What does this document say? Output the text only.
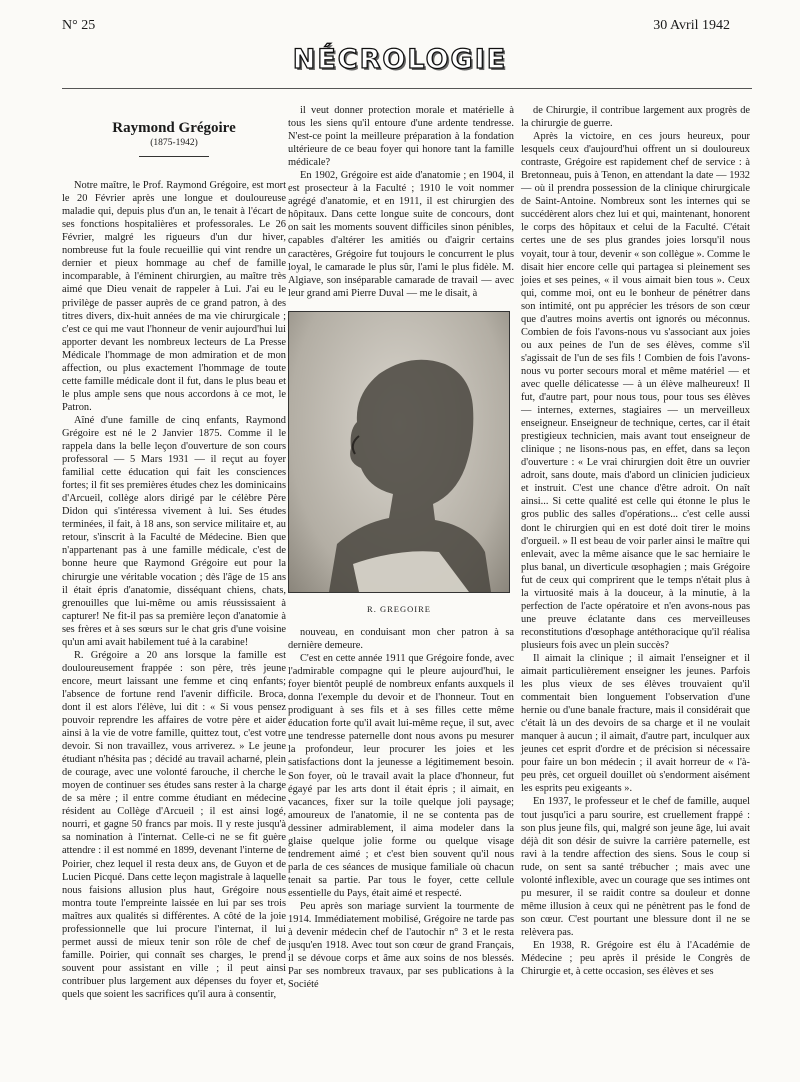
N° 25	30 Avril 1942
NÉCROLOGIE
Raymond Grégoire
(1875-1942)

Notre maître, le Prof. Raymond Grégoire, est mort le 20 Février après une longue et douloureuse maladie qui, depuis plus d'un an, le tenait à l'écart de ses fonctions hospitalières et professorales. Le 26 Février, malgré les rigueurs d'un dur hiver, nombreuse fut la foule recueillie qui vint rendre un dernier et pieux hommage au chef de famille incomparable, à l'éminent chirurgien, au maître très aimé que Dieu venait de rappeler à Lui. J'ai eu le privilège de passer auprès de ce grand patron, à des titres divers, dix-huit années de ma vie chirurgicale ; c'est ce qui me vaut l'honneur de venir aujourd'hui lui apporter devant les nombreux lecteurs de La Presse Médicale l'hommage de mon admiration et de mon affection, ou plus exactement l'hommage de toute cette famille médicale dont il fut, dans le plus beau et le plus ample sens que nous accordons à ce mot, le Patron.

Aîné d'une famille de cinq enfants, Raymond Grégoire est né le 2 Janvier 1875. Comme il le rappela dans la belle leçon d'ouverture de son cours professoral — 5 Mars 1931 — il reçut au foyer familial cette éducation qui fait les consciences fortes; il fit ses premières études chez les dominicains d'Arcueil, collège alors dirigé par le célèbre Père Didon qui s'intéressa vivement à lui. Ses études terminées, il fait, à 18 ans, son service militaire et, au retour, s'inscrit à la Faculté de Médecine. Bien que n'appartenant pas à une famille médicale, c'est de bonne heure que Raymond Grégoire eut pour la chirurgie une véritable vocation ; dès l'âge de 15 ans il était épris d'anatomie, disséquant chiens, chats, grenouilles que lui-même ou amis réussissaient à capturer! Ne fit-il pas sa première leçon d'anatomie à ses frères et à ses sœurs sur le chat gris d'une voisine qu'un ami avait habilement tué à la carabine!

R. Grégoire a 20 ans lorsque la famille est douloureusement frappée : son père, très jeune encore, meurt laissant une femme et cinq enfants; l'absence de fortune rend l'avenir difficile. Broca, dont il est alors l'élève, lui dit : « Si vous pensez pouvoir reprendre les affaires de votre père et aider ainsi à la vie de votre famille, quittez tout, c'est votre devoir. Si non travaillez, vous arriverez. » Le jeune étudiant n'hésita pas ; décidé au travail acharné, plein de courage, avec une volonté farouche, il cherche le moyen de continuer ses études sans rester à la charge de sa mère ; il entre comme étudiant en médecine résident au Collège d'Arcueil ; il est ainsi logé, nourri, et gagne 50 francs par mois. Il y reste jusqu'à sa nomination à l'internat. Celle-ci ne se fit guère attendre : il est nommé en 1899, devenant l'interne de Poirier, chez lequel il resta deux ans, de Guyon et de Lucien Picqué. Dans cette leçon magistrale à laquelle nous faisions allusion plus haut, Grégoire nous montra toute l'empreinte laissée en lui par ses trois maîtres aux qualités si différentes. A côté de la joie professionnelle que lui procure l'internat, il lui permet aussi de mieux tenir son rôle de chef de famille. Poirier, qui connaît ses charges, le prend souvent pour assistant en ville ; il peut ainsi contribuer plus largement aux dépenses du foyer et, quels que soient les sacrifices qu'il aura à consentir,

il veut donner protection morale et matérielle à tous les siens qu'il entoure d'une ardente tendresse. N'est-ce point la meilleure préparation à la fondation ultérieure de ce beau foyer qui honore tant la famille médicale?

En 1902, Grégoire est aide d'anatomie ; en 1904, il est prosecteur à la Faculté ; 1910 le voit nommer agrégé d'anatomie, et en 1911, il est chirurgien des hôpitaux. Dans cette longue suite de concours, dont on sait les moments souvent difficiles sinon pénibles, capables d'altérer les amitiés ou d'aigrir certains caractères, Grégoire fut toujours le concurrent le plus loyal, le camarade le plus sûr, l'ami le plus fidèle. M. Algiave, son inséparable camarade de travail — avec leur grand ami Pierre Duval — me le disait, à

R. GREGOIRE

nouveau, en conduisant mon cher patron à sa dernière demeure.

C'est en cette année 1911 que Grégoire fonde, avec l'admirable compagne qui le pleure aujourd'hui, le foyer bientôt peuplé de nombreux enfants auxquels il donna l'exemple du devoir et de l'honneur. Tout en prodiguant à ses fils et à ses filles cette même éducation forte qu'il avait lui-même reçue, il sut, avec une tendresse paternelle dont nous avons pu mesurer la profondeur, leur procurer les joies et les satisfactions dont la jeunesse a légitimement besoin. Son foyer, où le travail avait la place d'honneur, fut égayé par les arts dont il était épris ; il aimait, en vacances, fixer sur la toile quelque joli paysage; amoureux de l'anatomie, il ne se contenta pas de dessiner admirablement, il aima modeler dans la glaise quelque jolie forme ou quelque visage tendrement aimé ; et c'est bien souvent qu'il nous parla de ces séances de musique familiale où chacun tenait sa partie. Par tous le foyer, cette cellule essentielle du Pays, était aimé et respecté.

Peu après son mariage survient la tourmente de 1914. Immédiatement mobilisé, Grégoire ne tarde pas à devenir médecin chef de l'autochir n° 3 et le resta jusqu'en 1918. Avec tout son cœur de grand Français, il se dévoue corps et âme aux soins de nos blessés. Par ses nombreux travaux, par ses publications à la Société

de Chirurgie, il contribue largement aux progrès de la chirurgie de guerre.

Après la victoire, en ces jours heureux, pour lesquels ceux d'aujourd'hui offrent un si douloureux contraste, Grégoire est rapidement chef de service : à Bretonneau, puis à Tenon, en attendant la date — 1932 — où il prendra possession de la clinique chirurgicale de Saint-Antoine. Nombreux sont les internes qui se succédèrent alors chez lui et qui, maintenant, honorent le corps des hôpitaux et celui de la Faculté. C'était certes une de ses plus grandes joies lorsqu'il nous voyait, tour à tour, devenir « son collègue ». Comme le disait hier encore celle qui partagea si pleinement ses joies et ses peines, « il vous aimait bien tous ». Ceux qui, comme moi, ont eu le bonheur de pénétrer dans son intimité, ont pu apprécier les trésors de son cœur que d'autres moins avertis ont ignorés ou méconnus. Combien de fois l'avons-nous vu s'associant aux joies ou aux peines de l'un de ses élèves, comme s'il s'agissait de l'un de ses fils ! Combien de fois l'avons-nous vu porter secours moral et même matériel — et avec quelle délicatesse — à un élève malheureux! Il fut, d'autre part, pour nous tous, pour tous ses élèves — internes, externes, stagiaires — un merveilleux enseigneur. Enseigneur de technique, certes, car il était prestigieux technicien, mais avant tout enseigneur de clinique ; ne lisons-nous pas, en effet, dans sa leçon d'ouverture : « Le vrai chirurgien doit être un ouvrier adroit, sans doute, mais d'abord un clinicien judicieux et instruit. C'est une chance d'être adroit. On naît ainsi... Si cette qualité est celle qui étonne le plus le gros public des salles d'opérations... c'est celle aussi dont le chirurgien qui en est doté doit tirer le moins d'orgueil. » Il est beau de voir parler ainsi le maître qui enlevait, avec la même aisance que le sac herniaire le plus banal, un diverticule œsophagien ; mais Grégoire fut de ceux qui comprirent que le temps n'était plus à la virtuosité mais à la douceur, à la minutie, à la perfection de l'acte opératoire et n'en avons-nous pas une preuve éclatante dans ces merveilleuses reconstitutions d'œsophage antéthoracique qu'il réalisa plusieurs fois avec un plein succès?

Il aimait la clinique ; il aimait l'enseigner et il aimait particulièrement enseigner les jeunes. Parfois les plus vieux de ses élèves trouvaient qu'il commentait bien longuement l'observation d'une hernie ou d'une banale fracture, mais il considérait que c'était là un des devoirs de sa charge et il ne voulait manquer à aucun ; il aimait, d'autre part, inculquer aux jeunes cet esprit d'ordre et de précision si nécessaire pour faire un bon médecin ; il avait horreur de « l'à-peu près, cet orgueil douillet où s'endorment aisément les esprits peu exigeants ».

En 1937, le professeur et le chef de famille, auquel tout jusqu'ici a paru sourire, est cruellement frappé : son plus jeune fils, qui, malgré son jeune âge, lui avait déjà dit son désir de suivre la carrière paternelle, est ravi à la tendre affection des siens. Sous le coup si rude, on sent sa santé trébucher ; mais avec une volonté inflexible, avec un courage que ses intimes ont pu mesurer, il se raidit contre sa douleur et donne même illusion à ceux qui ne pénètrent pas le fond de son cœur. C'est pourtant une blessure dont il ne se relèvera pas.

En 1938, R. Grégoire est élu à l'Académie de Médecine ; peu après il préside le Congrès de Chirurgie et, à cette occasion, ses élèves et ses
